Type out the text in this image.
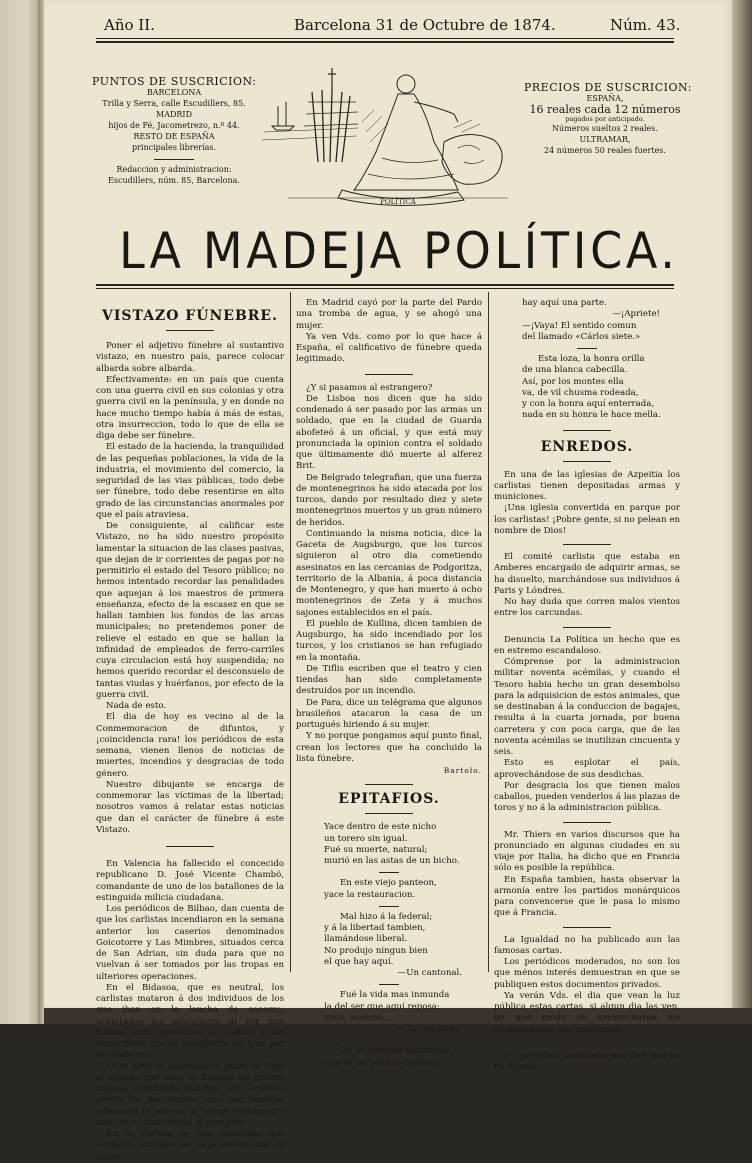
Año II.	Barcelona 31 de Octubre de 1874.	Núm. 43.
PUNTOS DE SUSCRICION:
BARCELONA
Trilla y Serra, calle Escudillers, 85.
MADRID
hijos de Fé, Jacometrezo, n.º 44.
RESTO DE ESPAÑA
principales librerías.
Redaccion y administracion:
Escudillers, núm. 85, Barcelona.
POLÍTICA
PRECIOS DE SUSCRICION:
ESPAÑA,
16 reales cada 12 números
pagados por anticipado.
Números sueltos 2 reales.
ULTRAMAR,
24 números 50 reales fuertes.
LA MADEJA POLÍTICA.
VISTAZO FÚNEBRE.

Poner el adjetivo fúnebre al sustantivo vistazo, en nuestro país, parece colocar albarda sobre albarda.

Efectivamente: en un país que cuenta con una guerra civil en sus colonias y otra guerra civil en la península, y en donde no hace mucho tiempo había á más de estas, otra insurreccion, todo lo que de ella se diga debe ser fúnebre.

El estado de la hacienda, la tranquilidad de las pequeñas poblaciones, la vida de la industria, el movimiento del comercio, la seguridad de las vias públicas, todo debe ser fúnebre, todo debe resentirse en alto grado de las circunstancias anormales por que el país atraviesa.

De consiguiente, al calificar este Vistazo, no ha sido nuestro propósito lamentar la situacion de las clases pasivas, que dejan de ir corrientes de pagas por no permitirlo el estado del Tesoro público; no hemos intentado recordar las penalidades que aquejan á los maestros de primera enseñanza, efecto de la escasez en que se hallan tambien los fondos de las arcas municipales; no pretendemos poner de relieve el estado en que se hallan la infinidad de empleados de ferro-carriles cuya circulacion está hoy suspendida; no hemos querido recordar el desconsuelo de tantas viudas y huérfanos, por efecto de la guerra civil.

Nada de esto.

El dia de hoy es vecino al de la Conmemoracion de difuntos, y ¡coincidencia rara! los periódicos de esta semana, vienen llenos de noticias de muertes, incendios y desgracias de todo género.

Nuestro dibujante se encarga de conmemorar las víctimas de la libertad; nosotros vamos á relatar estas noticias que dan el carácter de fúnebre á este Vistazo.

En Valencia ha fallecido el concecido republicano D. José Vicente Chambó, comandante de uno de los batallones de la estinguida milicia ciudadana.

Los periódicos de Bilbao, dan cuenta de que los carlistas incendiaron en la semana anterior los caseríos denominados Goicotorre y Las Mimbres, situados cerca de San Adrian, sin duda para que no vuelvan á ser tomados por las tropas en ulteriores operaciones.

En el Bidasoa, que es neutral, los carlistas mataron á dos individuos de los que iban en la lancha de socorro, acalorados los miqueletes al ver que habían sido detenidos el cañon y las municiones que se remitieron de Irun por el citado rio.

En el acto de contestar la plaza de Vigo al saludo que hizo la fragata de guerra inglesa nombrada Raleigh, un artillero perdió los dos brazos; uno, por haberse inflamado la pólvora al tiempo de cargar y otro en la caida desde el parapeto.

En la Coruña se han suicidado dos soldados, sin que se haya averiguado la causa.

En Madrid cayó por la parte del Pardo una tromba de agua, y se ahogó una mujer.

Ya ven Vds. como por lo que hace á España, el calificativo de fúnebre queda legitimado.

¿Y si pasamos al estrangero?

De Lisboa nos dicen que ha sido condenado á ser pasado por las armas un soldado, que en la ciudad de Guarda abofeteó á un oficial, y que está muy pronunciada la opinion contra el soldado que últimamente dió muerte al alferez Brit.

De Belgrado telegrafian, que una fuerza de montenegrinos ha sido atacada por los turcos, dando por resultado diez y siete montenegrinos muertos y un gran número de heridos.

Continuando la misma noticia, dice la Gaceta de Augsburgo, que los turcos siguieron al otro dia cometiendo asesinatos en las cercanias de Podgoritza, territorio de la Albania, á poca distancia de Montenegro, y que han muerto á ocho montenegrinos de Zeta y á muchos sajones establecidos en el país.

El pueblo de Kullina, dicen tambien de Augsburgo, ha sido incendiado por los turcos, y los cristianos se han refugiado en la montaña.

De Tiflis escriben que el teatro y cien tiendas han sido completamente destruidos por un incendio.

De Para, dice un telégrama que algunos brasileños atacaron la casa de un portugués hiriendo á su mujer.

Y no porque pongamos aquí punto final, crean los lectores que ha concluido la lista fúnebre.

Bartolo.
EPITAFIOS.

Yace dentro de este nicho

un torero sin igual.

Fué su muerte, natural;

murió en las astas de un bicho.

En este viejo panteon,

yace la restauracion.

Mal hizo á la federal;

y á la libertad tambien,

llamándose liberal.

No produjo ningun bien

el que hay aquí.

—Un cantonal.

Fué la vida mas inmunda

la del ser que aquí reposa:

violó, asesinó...

—Un carcunda.

De un viviente mozalvete,

que es un pedazo de atun,

hay aquí una parte.

—¡Apriete!

—¡Vaya! El sentido comun

del llamado «Cárlos siete.»

Esta loza, la honra orilla

de una blanca cabecilla.

Así, por los montes ella

va, de vil chusma rodeada,

y con la honra aquí enterrada,

nada en su honra le hace mella.

ENREDOS.

En una de las iglesias de Azpeitia los carlistas tienen depositadas armas y municiones.

¡Una iglesia convertida en parque por los carlistas! ¡Pobre gente, si no pelean en nombre de Dios!

El comité carlista que estaba en Amberes encargado de adquirir armas, se ha disuelto, marchándose sus individuos á Paris y Lóndres.

No hay duda que corren malos vientos entre los carcundas.

Denuncia La Política un hecho que es en estremo escandaloso.

Cómprense por la administracion militar noventa acémilas, y cuando el Tesoro habia hecho un gran desembolso para la adquisicion de estos animales, que se destinaban á la conduccion de bagajes, resulta á la cuarta jornada, por buena carretera y con poca carga, que de las noventa acémilas se inutilizan cincuenta y seis.

Esto es esplotar el país, aprovechándose de sus desdichas.

Por desgracia los que tienen malos caballos, pueden venderlos á las plazas de toros y no á la administracion pública.

Mr. Thiers en varios discursos que ha pronunciado en algunas ciudades en su viaje por Italia, ha dicho que en Francia sólo es posible la república.

En España tambien, hasta observar la armonía entre los partidos monárquicos para convencerse que le pasa lo mismo que á Francia.

La Igualdad no ha publicado aun las famosas cartas.

Los periódicos moderados, no son los que ménos interés demuestran en que se publiquen estos documentos privados.

Ya verán Vds. el dia que vean la luz pública estas cartas, si algun dia las ven, de qué modo se aprovecharán los moderados de sus contenidos.

Un periódico madrileño nos dice que no ha dejado
